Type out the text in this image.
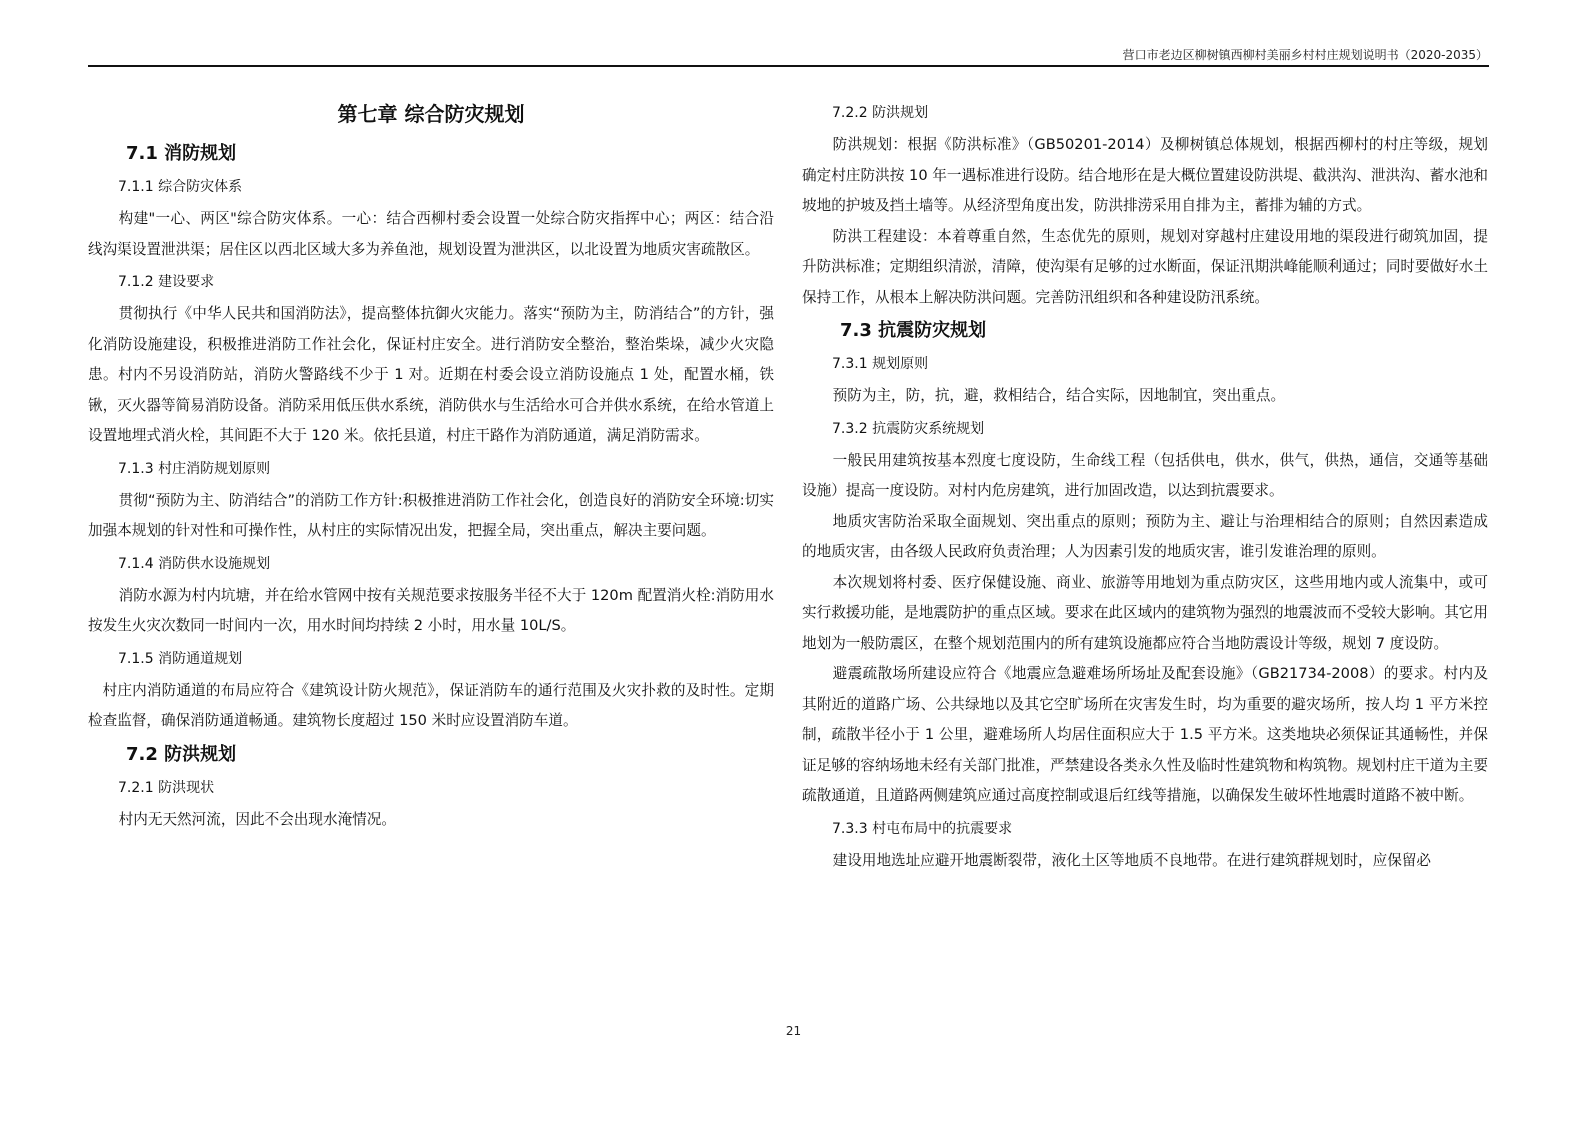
营口市老边区柳树镇西柳村美丽乡村村庄规划说明书（2020-2035）
第七章 综合防灾规划
7.1 消防规划
7.1.1 综合防灾体系

构建"一心、两区"综合防灾体系。一心：结合西柳村委会设置一处综合防灾指挥中心；两区：结合沿线沟渠设置泄洪渠；居住区以西北区域大多为养鱼池，规划设置为泄洪区，以北设置为地质灾害疏散区。

7.1.2 建设要求

贯彻执行《中华人民共和国消防法》，提高整体抗御火灾能力。落实“预防为主，防消结合”的方针，强化消防设施建设，积极推进消防工作社会化，保证村庄安全。进行消防安全整治，整治柴垛，减少火灾隐患。村内不另设消防站，消防火警路线不少于 1 对。近期在村委会设立消防设施点 1 处，配置水桶，铁锹，灭火器等简易消防设备。消防采用低压供水系统，消防供水与生活给水可合并供水系统，在给水管道上设置地埋式消火栓，其间距不大于 120 米。依托县道，村庄干路作为消防通道，满足消防需求。

7.1.3 村庄消防规划原则

贯彻“预防为主、防消结合”的消防工作方针:积极推进消防工作社会化，创造良好的消防安全环境:切实加强本规划的针对性和可操作性，从村庄的实际情况出发，把握全局，突出重点，解决主要问题。

7.1.4 消防供水设施规划

消防水源为村内坑塘，并在给水管网中按有关规范要求按服务半径不大于 120m 配置消火栓:消防用水按发生火灾次数同一时间内一次，用水时间均持续 2 小时，用水量 10L/S。

7.1.5 消防通道规划

村庄内消防通道的布局应符合《建筑设计防火规范》，保证消防车的通行范围及火灾扑救的及时性。定期检查监督，确保消防通道畅通。建筑物长度超过 150 米时应设置消防车道。

7.2 防洪规划
7.2.1 防洪现状

村内无天然河流，因此不会出现水淹情况。

7.2.2 防洪规划

防洪规划：根据《防洪标准》（GB50201-2014）及柳树镇总体规划，根据西柳村的村庄等级，规划确定村庄防洪按 10 年一遇标准进行设防。结合地形在是大概位置建设防洪堤、截洪沟、泄洪沟、蓄水池和坡地的护坡及挡土墙等。从经济型角度出发，防洪排涝采用自排为主，蓄排为辅的方式。

防洪工程建设：本着尊重自然，生态优先的原则，规划对穿越村庄建设用地的渠段进行砌筑加固，提升防洪标准；定期组织清淤，清障，使沟渠有足够的过水断面，保证汛期洪峰能顺利通过；同时要做好水土保持工作，从根本上解决防洪问题。完善防汛组织和各种建设防汛系统。

7.3 抗震防灾规划
7.3.1 规划原则

预防为主，防，抗，避，救相结合，结合实际，因地制宜，突出重点。

7.3.2 抗震防灾系统规划

一般民用建筑按基本烈度七度设防，生命线工程（包括供电，供水，供气，供热，通信，交通等基础设施）提高一度设防。对村内危房建筑，进行加固改造，以达到抗震要求。

地质灾害防治采取全面规划、突出重点的原则；预防为主、避让与治理相结合的原则；自然因素造成的地质灾害，由各级人民政府负责治理；人为因素引发的地质灾害，谁引发谁治理的原则。

本次规划将村委、医疗保健设施、商业、旅游等用地划为重点防灾区，这些用地内或人流集中，或可实行救援功能，是地震防护的重点区域。要求在此区域内的建筑物为强烈的地震波而不受较大影响。其它用地划为一般防震区，在整个规划范围内的所有建筑设施都应符合当地防震设计等级，规划 7 度设防。

避震疏散场所建设应符合《地震应急避难场所场址及配套设施》（GB21734-2008）的要求。村内及其附近的道路广场、公共绿地以及其它空旷场所在灾害发生时，均为重要的避灾场所，按人均 1 平方米控制，疏散半径小于 1 公里，避难场所人均居住面积应大于 1.5 平方米。这类地块必须保证其通畅性，并保证足够的容纳场地未经有关部门批准，严禁建设各类永久性及临时性建筑物和构筑物。规划村庄干道为主要疏散通道，且道路两侧建筑应通过高度控制或退后红线等措施，以确保发生破坏性地震时道路不被中断。

7.3.3 村屯布局中的抗震要求

建设用地选址应避开地震断裂带，液化土区等地质不良地带。在进行建筑群规划时，应保留必

21
